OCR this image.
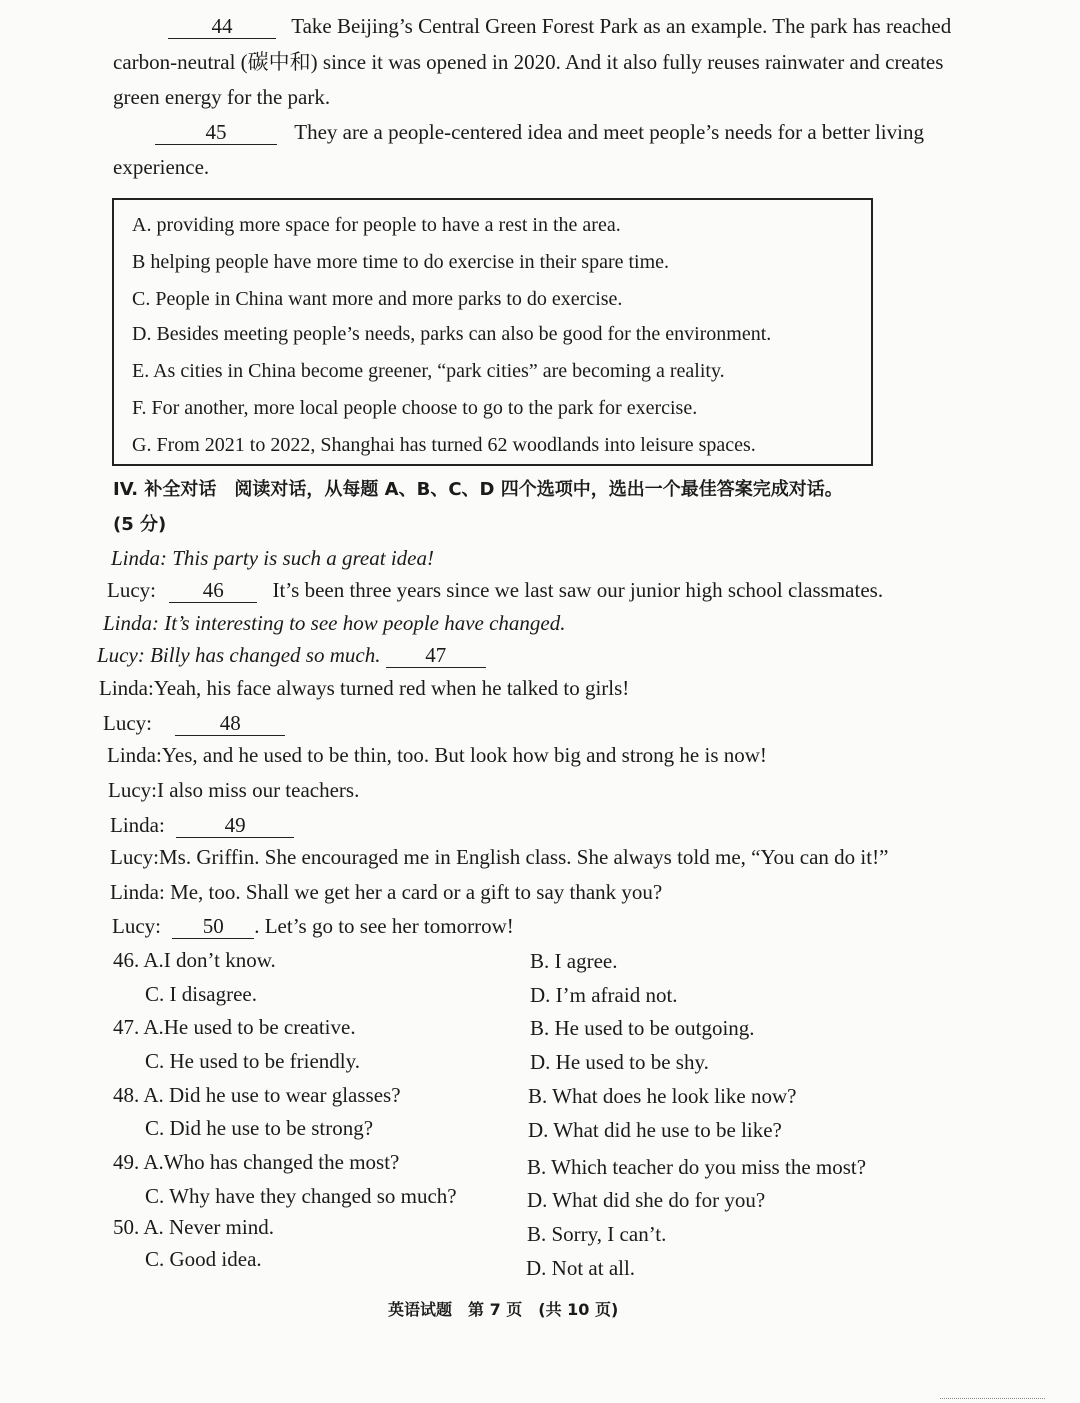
44	Take Beijing’s Central Green Forest Park as an example. The park has reached
carbon-neutral (碳中和) since it was opened in 2020. And it also fully reuses rainwater and creates
green energy for the park.
45	They are a people-centered idea and meet people’s needs for a better living
experience.
A. providing more space for people to have a rest in the area.
B helping people have more time to do exercise in their spare time.
C. People in China want more and more parks to do exercise.
D. Besides meeting people’s needs, parks can also be good for the environment.
E. As cities in China become greener, “park cities” are becoming a reality.
F. For another, more local people choose to go to the park for exercise.
G. From 2021 to 2022, Shanghai has turned 62 woodlands into leisure spaces.
IV. 补全对话　阅读对话，从每题 A、B、C、D 四个选项中，选出一个最佳答案完成对话。
(5 分)
Linda: This party is such a great idea!
Lucy: 46 It’s been three years since we last saw our junior high school classmates.
Linda: It’s interesting to see how people have changed.
Lucy: Billy has changed so much. 47
Linda:Yeah, his face always turned red when he talked to girls!
Lucy:	48
Linda:Yes, and he used to be thin, too. But look how big and strong he is now!
Lucy:I also miss our teachers.
Linda:	49
Lucy:Ms. Griffin. She encouraged me in English class. She always told me, “You can do it!”
Linda: Me, too. Shall we get her a card or a gift to say thank you?
Lucy: 50 . Let’s go to see her tomorrow!
46. A.I don’t know.	B. I agree.
C. I disagree.	D. I’m afraid not.
47. A.He used to be creative.	B. He used to be outgoing.
C. He used to be friendly.	D. He used to be shy.
48. A. Did he use to wear glasses?	B. What does he look like now?
C. Did he use to be strong?	D. What did he use to be like?
49. A.Who has changed the most?	B. Which teacher do you miss the most?
C. Why have they changed so much?	D. What did she do for you?
50. A. Never mind.	B. Sorry, I can’t.
C. Good idea.	D. Not at all.
英语试题　第 7 页　(共 10 页)
